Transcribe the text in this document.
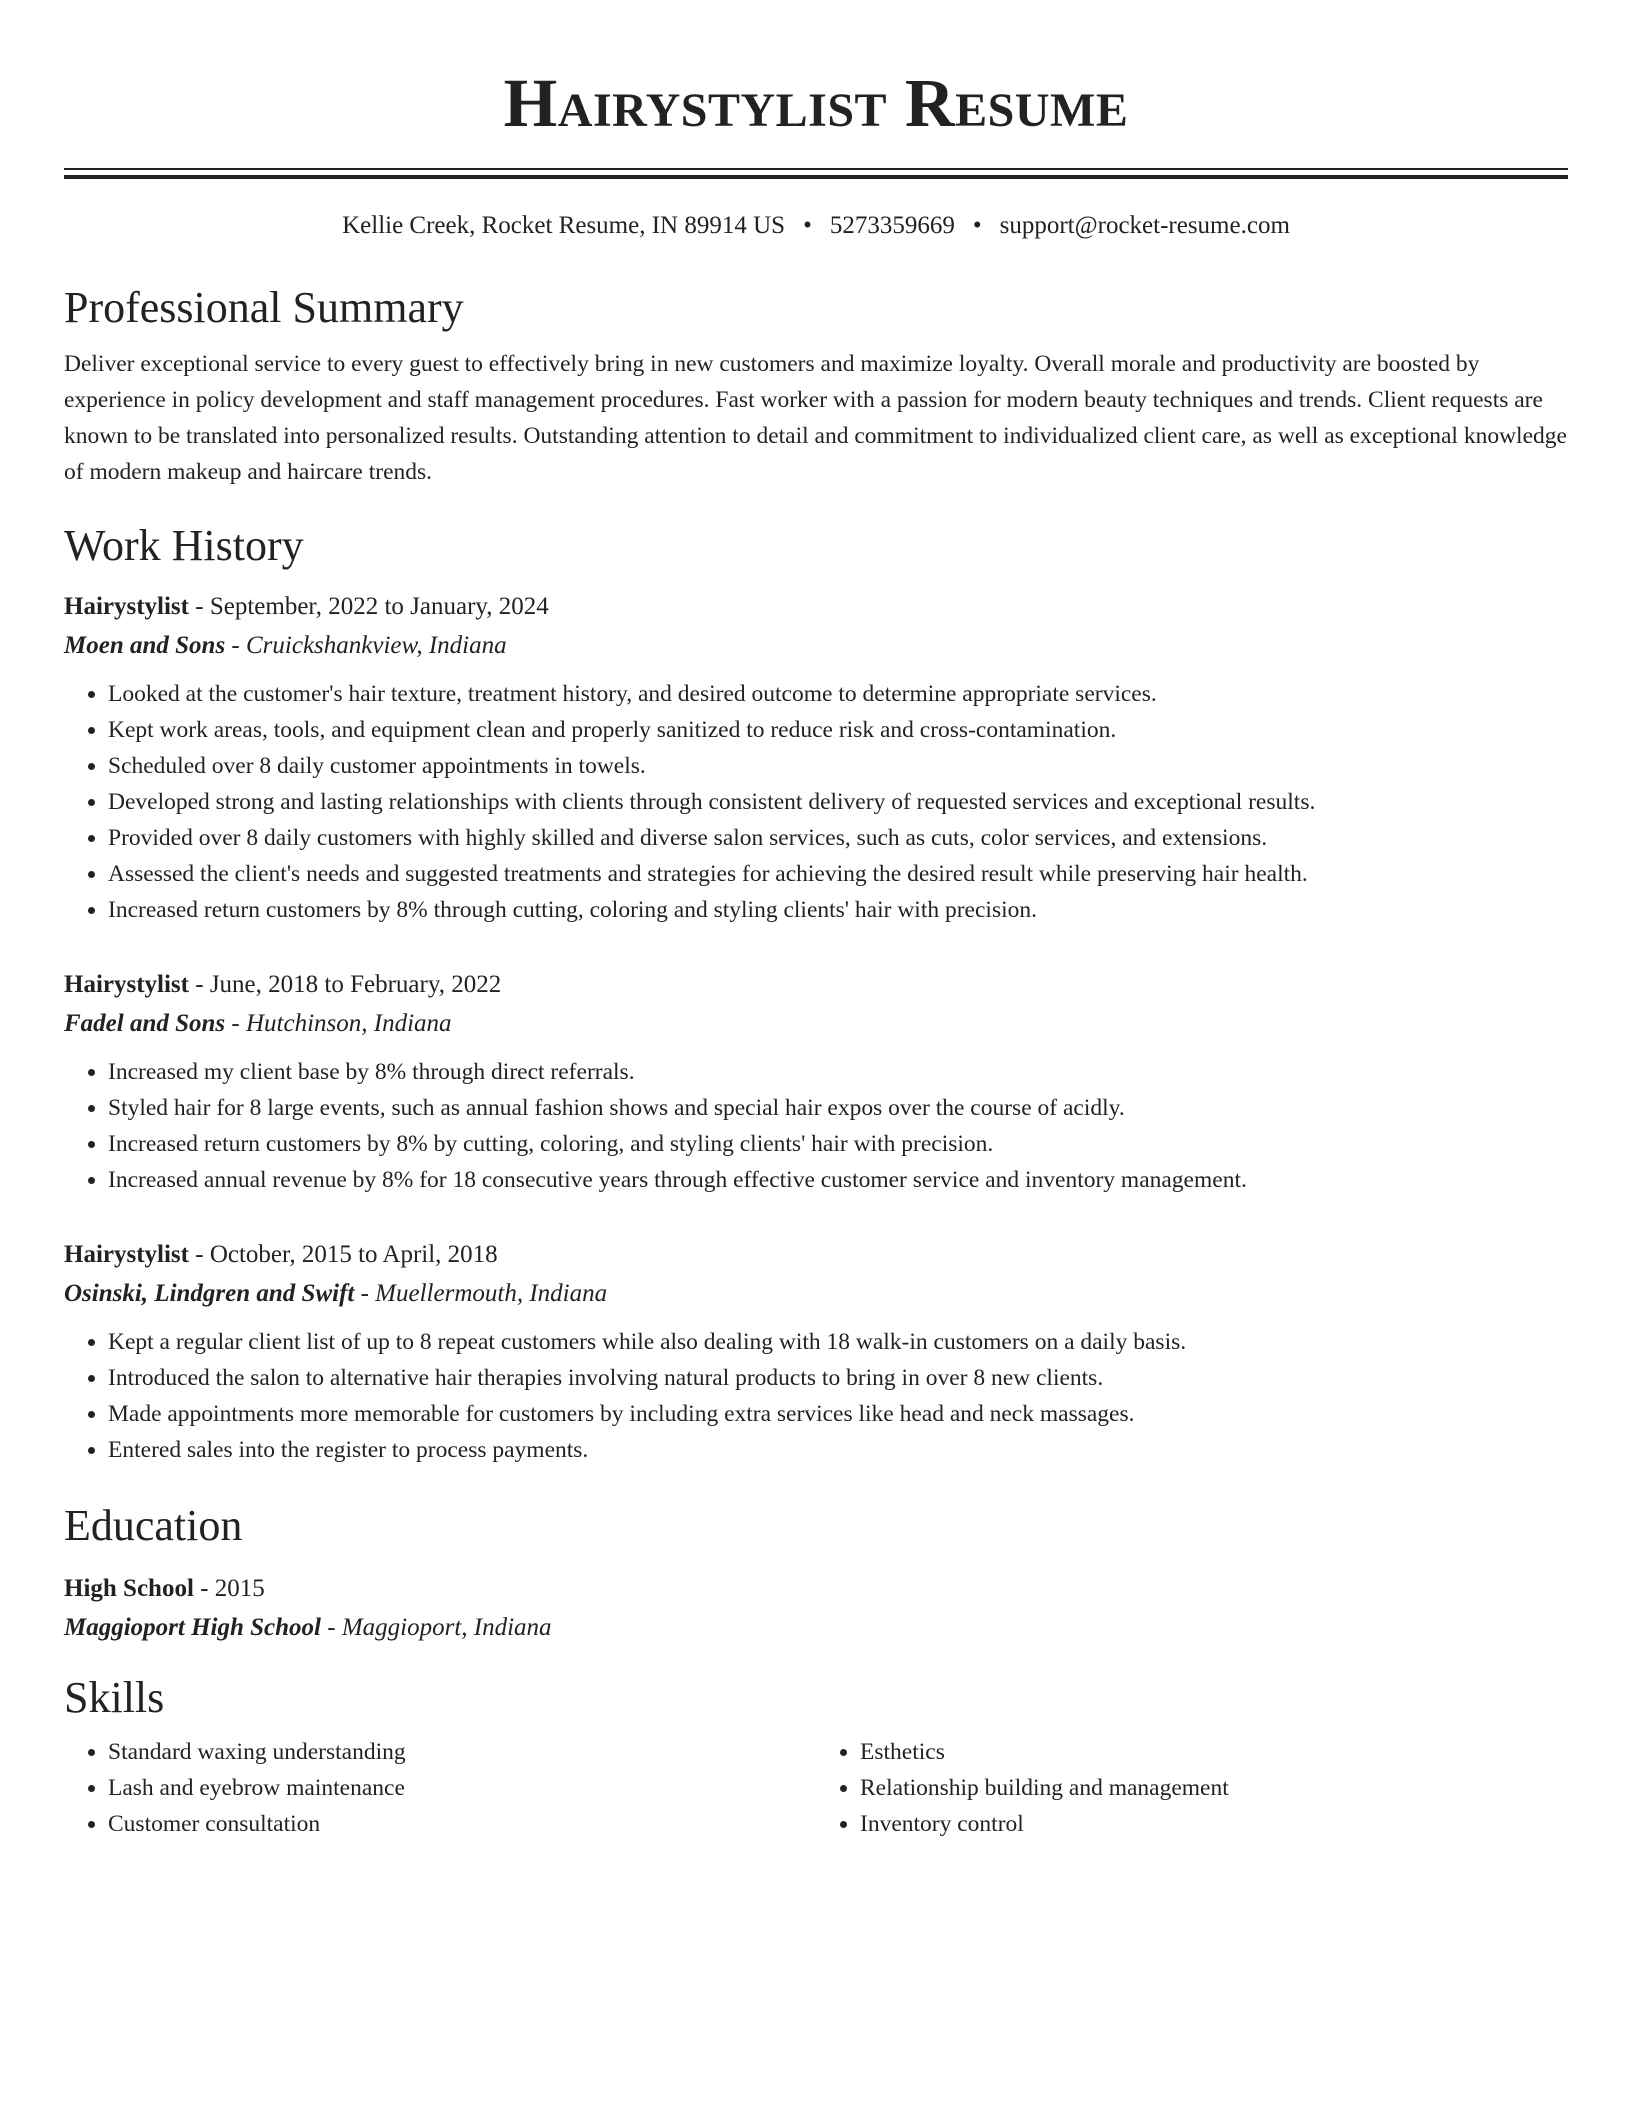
Hairystylist Resume
Kellie Creek, Rocket Resume, IN 89914 US • 5273359669 • support@rocket-resume.com
Professional Summary
Deliver exceptional service to every guest to effectively bring in new customers and maximize loyalty. Overall morale and productivity are boosted by experience in policy development and staff management procedures. Fast worker with a passion for modern beauty techniques and trends. Client requests are known to be translated into personalized results. Outstanding attention to detail and commitment to individualized client care, as well as exceptional knowledge of modern makeup and haircare trends.
Work History
Hairystylist - September, 2022 to January, 2024
Moen and Sons - Cruickshankview, Indiana
• Looked at the customer's hair texture, treatment history, and desired outcome to determine appropriate services.
• Kept work areas, tools, and equipment clean and properly sanitized to reduce risk and cross-contamination.
• Scheduled over 8 daily customer appointments in towels.
• Developed strong and lasting relationships with clients through consistent delivery of requested services and exceptional results.
• Provided over 8 daily customers with highly skilled and diverse salon services, such as cuts, color services, and extensions.
• Assessed the client's needs and suggested treatments and strategies for achieving the desired result while preserving hair health.
• Increased return customers by 8% through cutting, coloring and styling clients' hair with precision.
Hairystylist - June, 2018 to February, 2022
Fadel and Sons - Hutchinson, Indiana
• Increased my client base by 8% through direct referrals.
• Styled hair for 8 large events, such as annual fashion shows and special hair expos over the course of acidly.
• Increased return customers by 8% by cutting, coloring, and styling clients' hair with precision.
• Increased annual revenue by 8% for 18 consecutive years through effective customer service and inventory management.
Hairystylist - October, 2015 to April, 2018
Osinski, Lindgren and Swift - Muellermouth, Indiana
• Kept a regular client list of up to 8 repeat customers while also dealing with 18 walk-in customers on a daily basis.
• Introduced the salon to alternative hair therapies involving natural products to bring in over 8 new clients.
• Made appointments more memorable for customers by including extra services like head and neck massages.
• Entered sales into the register to process payments.
Education
High School - 2015
Maggioport High School - Maggioport, Indiana
Skills
• Standard waxing understanding
• Lash and eyebrow maintenance
• Customer consultation
• Esthetics
• Relationship building and management
• Inventory control
